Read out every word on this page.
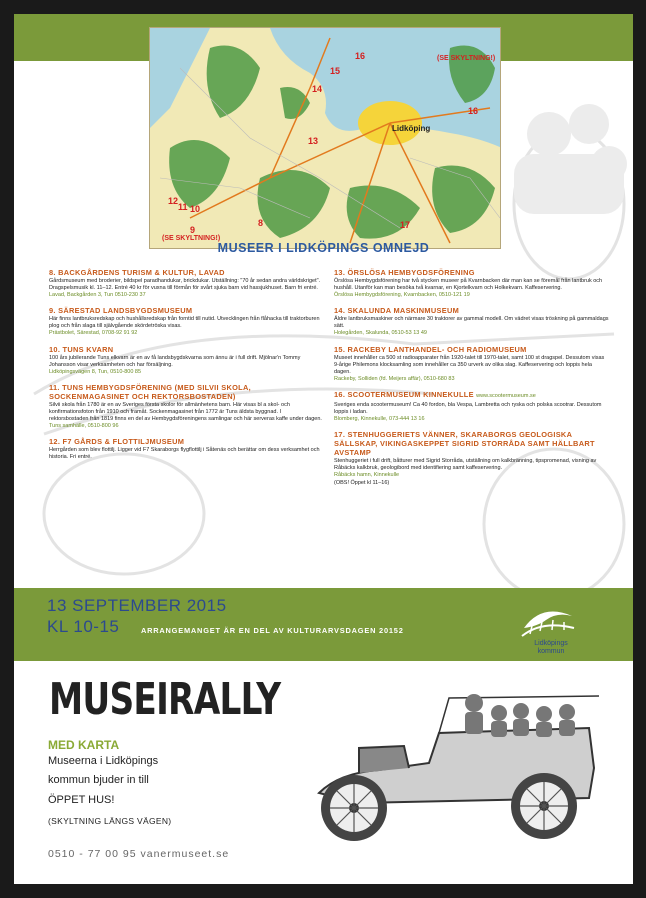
(SE SKYLTNING!)
(SE SKYLTNING!)
Lidköping
16
15
14
13
16
12
11 10
8
9	17
MUSEER I LIDKÖPINGS OMNEJD
8. BACKGÅRDENS TURISM & KULTUR, LAVAD
Gårdsmuseum med broderier, bildspel paradhandukar, brickdukar. Utställning: "70 år sedan andra världskriget". Dragspelsmusik kl. 11–12. Entré 40 kr för vuxna till förmån för svårt sjuka barn vid hassjukhuset. Barn fri entré.
Lavad, Backgården 3, Tun 0510-230 37
9. SÄRESTAD LANDSBYGDSMUSEUM
Här finns lantbruksredskap och hushållsredskap från forntid till nutid. Utvecklingen från flåhacka till traktorburen plog och från slaga till självgående skördetröska visas.
Prästbolet, Särestad, 0708-92 91 92
10. TUNS KVARN
100 års jubilerande Tuns elkvarn är en av få landsbygdskvarna som ännu är i full drift. Mjölnar'n Tommy Johansson visar verksamheten och har försäljning.
Lidköpingsvägen 8, Tun, 0510-800 85
11. TUNS HEMBYGDSFÖRENING (MED SILVII SKOLA, SOCKENMAGASINET OCH REKTORSBOSTADEN)
Silvii skola från 1780 är en av Sveriges första skolor för allmänhetens barn. Här visas bl a skol- och konfirmationsfoton från 1910 och framåt. Sockenmagasinet från 1772 är Tuns äldsta byggnad. I rektorsbostaden från 1819 finns en del av Hembygdsföreningens samlingar och här serveras kaffe under dagen.
Tuns samhälle, 0510-800 96
12. F7 GÅRDS & FLOTTILJMUSEUM
Herrgården som blev flottilj. Ligger vid F7 Skaraborgs flygflottilj i Såtenäs och berättar om dess verksamhet och historia. Fri entré.
13. ÖRSLÖSA HEMBYGDSFÖRENING
Örslösa Hembygdsförening har två stycken museer på Kvarnbacken där man kan se föremål från lantbruk och hushåll. Utanför kan man besöka två kvarnar, en Kjortelkvarn och Holkekvarn. Kaffeservering.
Örslösa Hembygdsförening, Kvarnbacken, 0510-121 19
14. SKALUNDA MASKINMUSEUM
Äldre lantbruksmaskiner och närmare 30 traktorer av gammal modell. Om vädret visas tröskning på gammaldags sätt.
Holegården, Skalunda, 0510-53 13 49
15. RACKEBY LANTHANDEL- OCH RADIOMUSEUM
Museet innehåller ca 500 st radioapparater från 1920-talet till 1970-talet, samt 100 st dragspel. Dessutom visas 9-årige Philemons klocksamling som innehåller ca 350 urverk av olika slag. Kaffeservering och loppis hela dagen.
Rackeby, Solliden (fd. Meijers affär), 0510-680 83
16. SCOOTERMUSEUM KINNEKULLE www.scootermuseum.se
Sveriges enda scootermuseum! Ca 40 fordon, bla Vespa, Lambretta och ryska och polska scootrar. Dessutom loppis i ladan.
Blomberg, Kinnekulle, 073-444 13 16
17. STENHUGGERIETS VÄNNER, SKARABORGS GEOLOGISKA SÄLLSKAP, VIKINGASKEPPET SIGRID STORRÅDA SAMT HÄLLBART AVSTAMP
Stenhuggeriet i full drift, båtturer med Sigrid Storråda, utställning om kalkbränning, tipspromenad, visning av Råbäcks kalkbruk, geologibord med identifiering samt kaffeservering.
Råbäcks hamn, Kinnekulle
(OBS! Öppet kl 11–16)
13 SEPTEMBER 2015
KL 10-15	ARRANGEMANGET ÄR EN DEL AV KULTURARVSDAGEN 20152
Lidköpings
kommun
MUSEIRALLY
MED KARTA
Museerna i Lidköpings
kommun bjuder in till
ÖPPET HUS!
(SKYLTNING LÄNGS VÄGEN)
0510 - 77 00 95 vanermuseet.se
